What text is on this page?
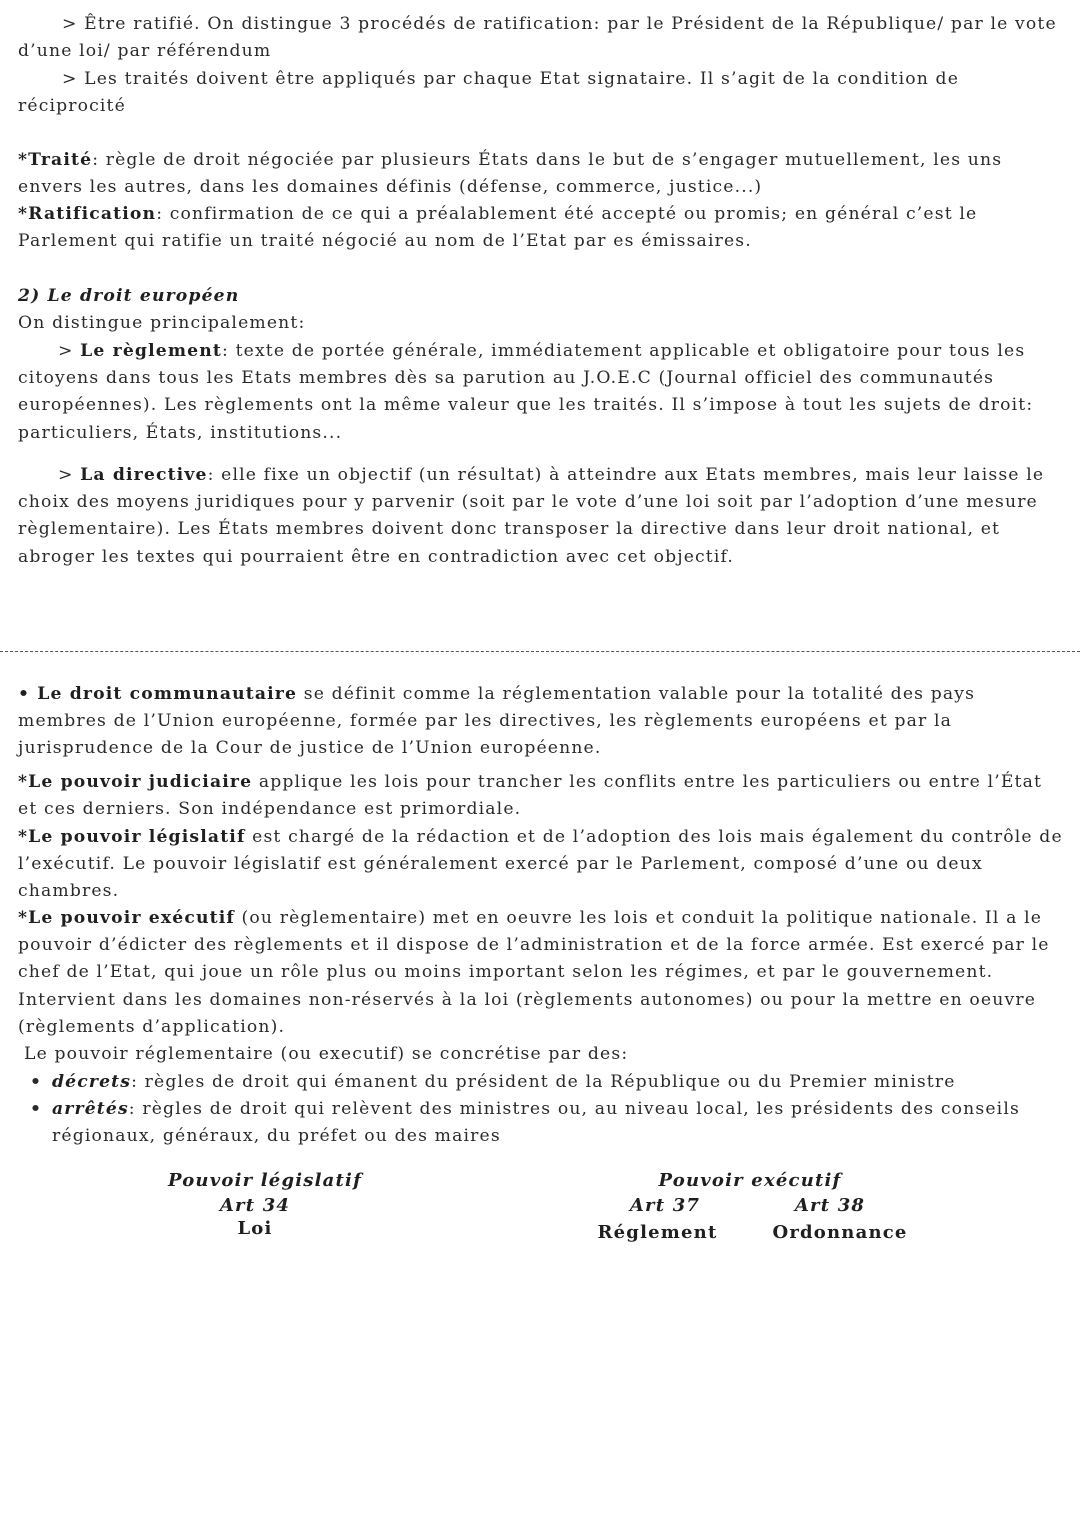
> Être ratifié. On distingue 3 procédés de ratification: par le Président de la République/ par le vote d’une loi/ par référendum
> Les traités doivent être appliqués par chaque Etat signataire. Il s’agit de la condition de réciprocité
*Traité: règle de droit négociée par plusieurs États dans le but de s’engager mutuellement, les uns envers les autres, dans les domaines définis (défense, commerce, justice...)
*Ratification: confirmation de ce qui a préalablement été accepté ou promis; en général c’est le Parlement qui ratifie un traité négocié au nom de l’Etat par es émissaires.
2) Le droit européen
On distingue principalement:
> Le règlement: texte de portée générale, immédiatement applicable et obligatoire pour tous les citoyens dans tous les Etats membres dès sa parution au J.O.E.C (Journal officiel des communautés européennes). Les règlements ont la même valeur que les traités. Il s’impose à tout les sujets de droit: particuliers, États, institutions...
> La directive: elle fixe un objectif (un résultat) à atteindre aux Etats membres, mais leur laisse le choix des moyens juridiques pour y parvenir (soit par le vote d’une loi soit par l’adoption d’une mesure règlementaire). Les États membres doivent donc transposer la directive dans leur droit national, et abroger les textes qui pourraient être en contradiction avec cet objectif.
• Le droit communautaire se définit comme la réglementation valable pour la totalité des pays membres de l’Union européenne, formée par les directives, les règlements européens et par la jurisprudence de la Cour de justice de l’Union européenne.
*Le pouvoir judiciaire applique les lois pour trancher les conflits entre les particuliers ou entre l’État et ces derniers. Son indépendance est primordiale.
*Le pouvoir législatif est chargé de la rédaction et de l’adoption des lois mais également du contrôle de l’exécutif. Le pouvoir législatif est généralement exercé par le Parlement, composé d’une ou deux chambres.
*Le pouvoir exécutif (ou règlementaire) met en oeuvre les lois et conduit la politique nationale. Il a le pouvoir d’édicter des règlements et il dispose de l’administration et de la force armée. Est exercé par le chef de l’Etat, qui joue un rôle plus ou moins important selon les régimes, et par le gouvernement. Intervient dans les domaines non-réservés à la loi (règlements autonomes) ou pour la mettre en oeuvre (règlements d’application).
Le pouvoir réglementaire (ou executif) se concrétise par des:
• décrets: règles de droit qui émanent du président de la République ou du Premier ministre
• arrêtés: règles de droit qui relèvent des ministres ou, au niveau local, les présidents des conseils régionaux, généraux, du préfet ou des maires
Pouvoir législatif
Art 34
Loi
Pouvoir exécutif
Art 37	Art 38
Réglement	Ordonnance
